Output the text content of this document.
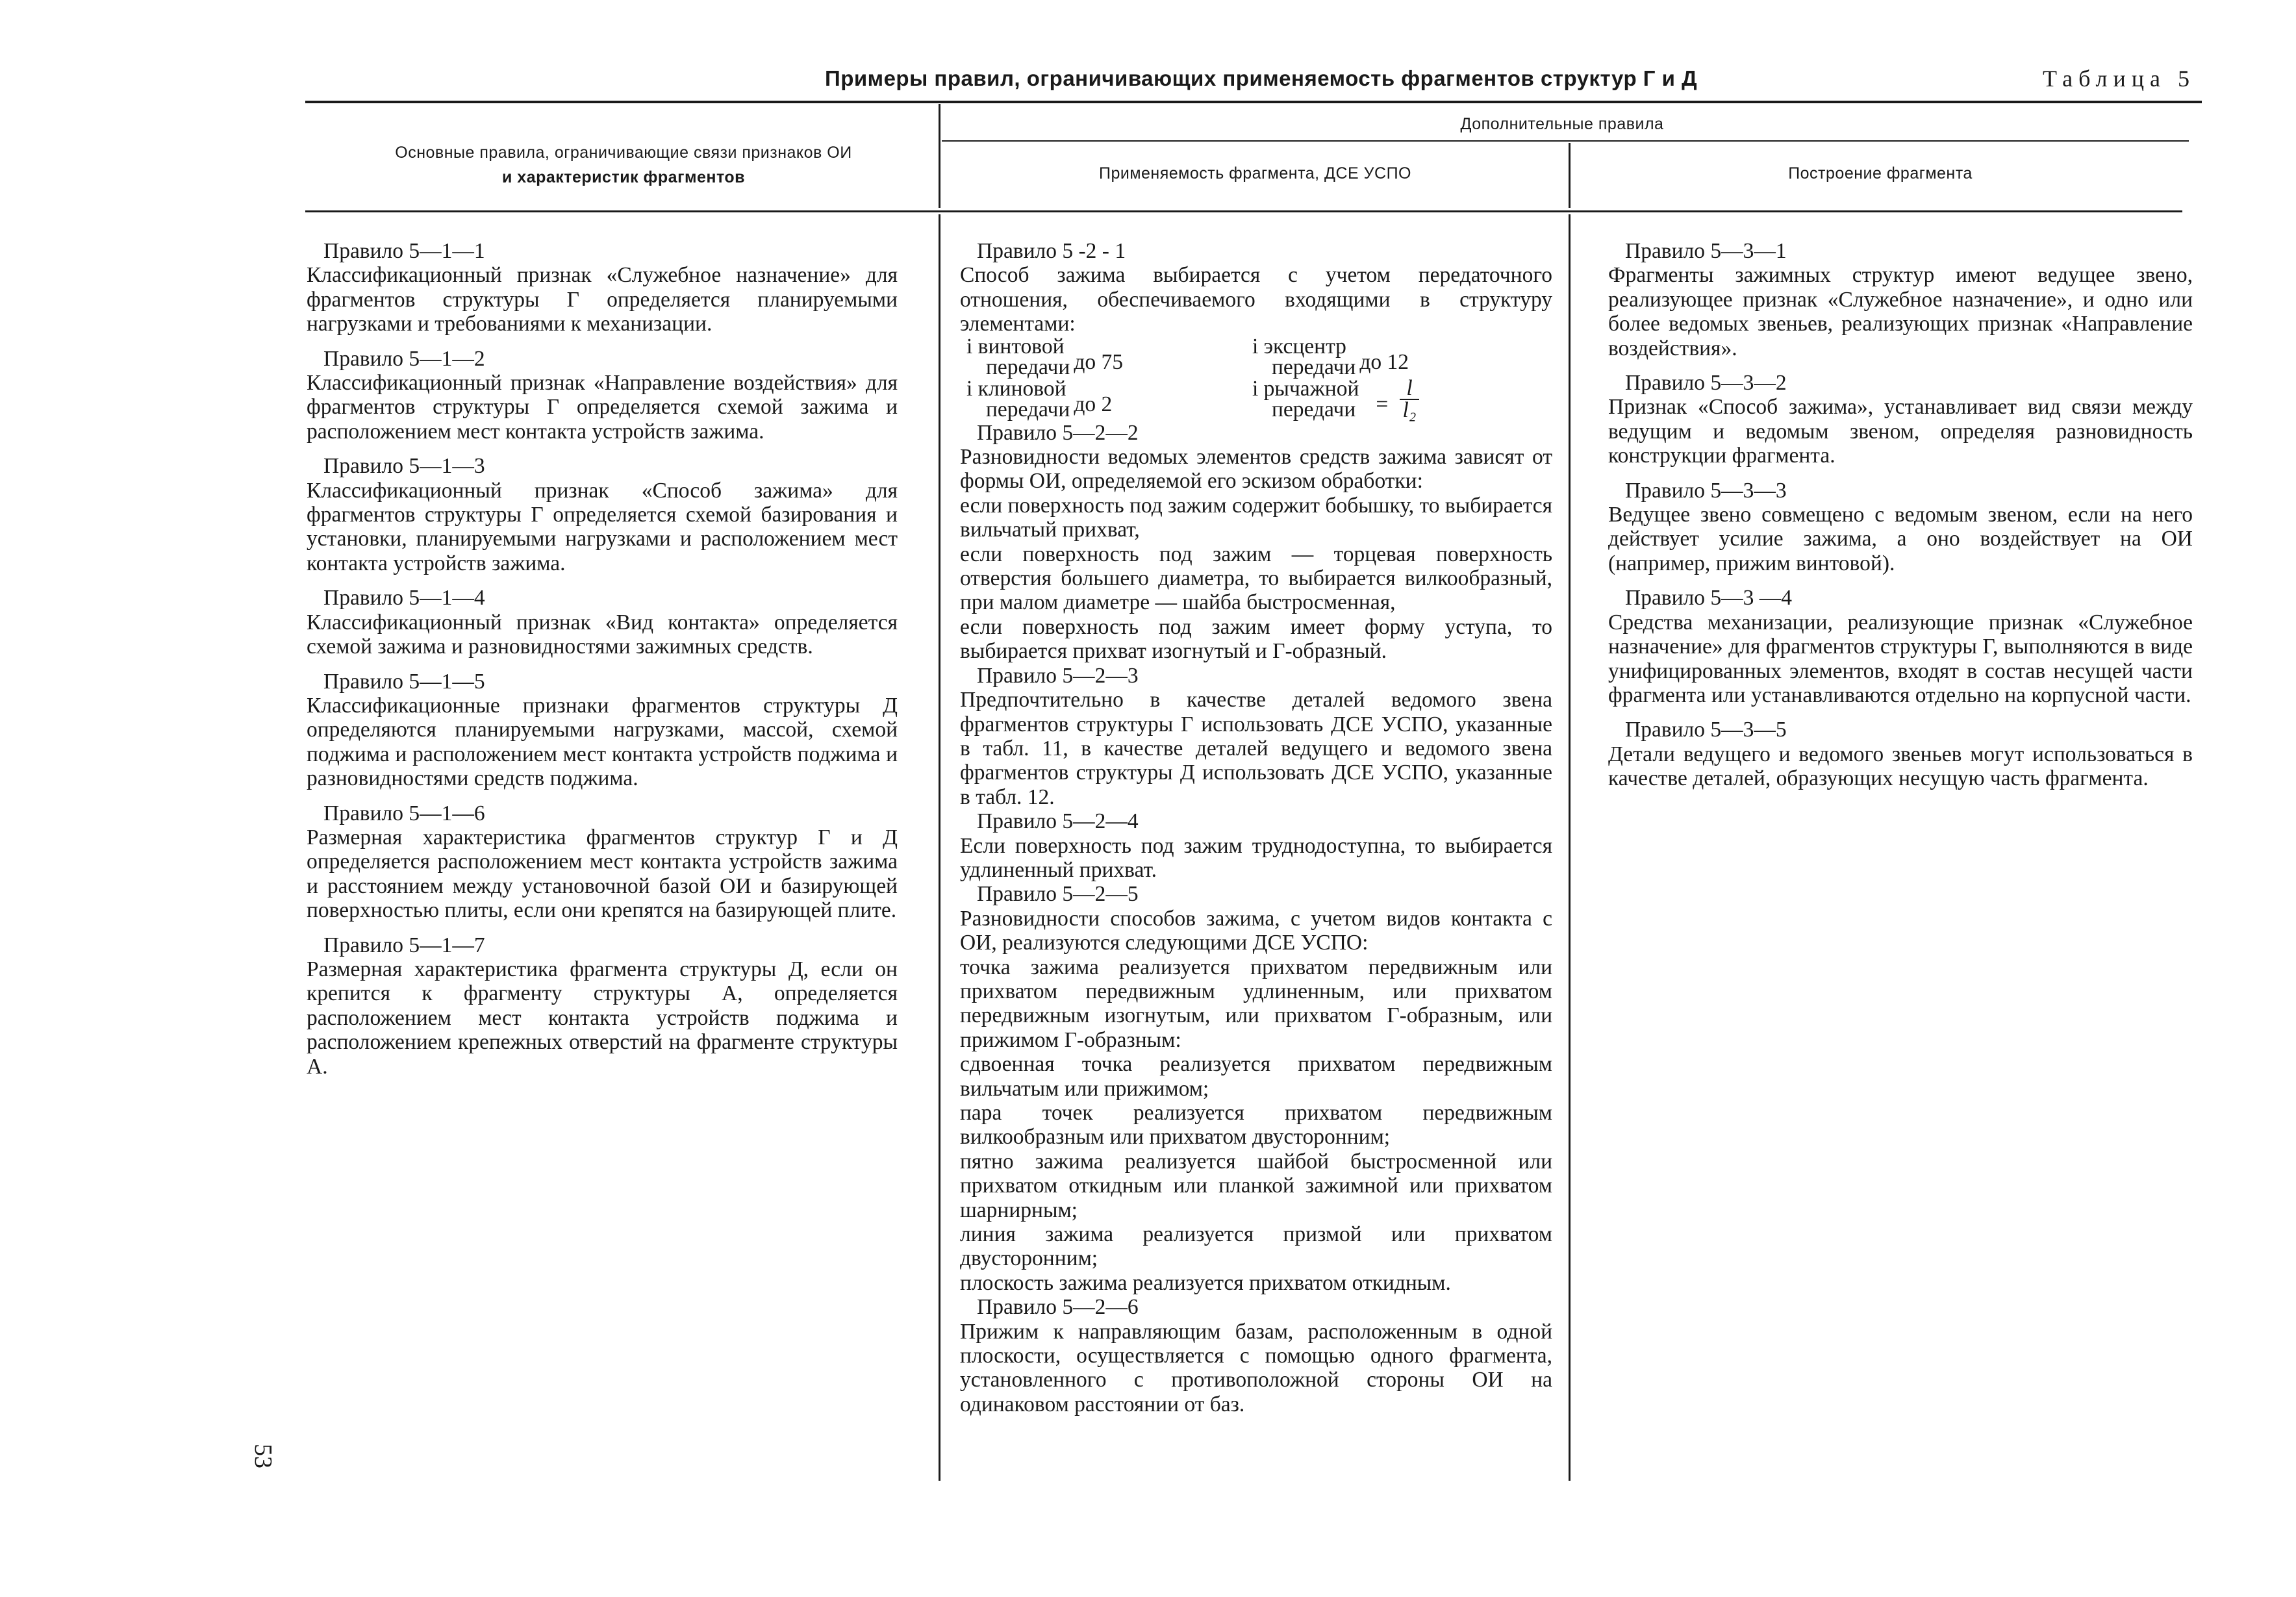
Примеры правил, ограничивающих применяемость фрагментов структур Г и Д	Таблица 5
Основные правила, ограничивающие связи признаков ОИ
и характеристик фрагментов
Дополнительные правила
Применяемость фрагмента, ДСЕ УСПО	Построение фрагмента

Правило 5—1—1

Классификационный признак «Служебное назначение» для фрагментов структуры Г определяется планируемыми нагрузками и требованиями к механизации.

Правило 5—1—2

Классификационный признак «Направление воздействия» для фрагментов структуры Г определяется схемой зажима и расположением мест контакта устройств зажима.

Правило 5—1—3

Классификационный признак «Способ зажима» для фрагментов структуры Г определяется схемой базирования и установки, планируемыми нагрузками и расположением мест контакта устройств зажима.

Правило 5—1—4

Классификационный признак «Вид контакта» определяется схемой зажима и разновидностями зажимных средств.

Правило 5—1—5

Классификационные признаки фрагментов структуры Д определяются планируемыми нагрузками, массой, схемой поджима и расположением мест контакта устройств поджима и разновидностями средств поджима.

Правило 5—1—6

Размерная характеристика фрагментов структур Г и Д определяется расположением мест контакта устройств зажима и расстоянием между установочной базой ОИ и базирующей поверхностью плиты, если они крепятся на базирующей плите.

Правило 5—1—7

Размерная характеристика фрагмента структуры Д, если он крепится к фрагменту структуры А, определяется расположением мест контакта устройств поджима и расположением крепежных отверстий на фрагменте структуры А.

Правило 5 -2 - 1

Способ зажима выбирается с учетом передаточного отношения, обеспечиваемого входящими в структуру элементами:

i винтовой
передачи до 75
i эксцентр
передачи до 12
i клиновой
передачи до 2
i рычажной
передачи = $\frac{l}{\text{l₂}}$

Правило 5—2—2

Разновидности ведомых элементов средств зажима зависят от формы ОИ, определяемой его эскизом обработки:

если поверхность под зажим содержит бобышку, то выбирается вильчатый прихват,

если поверхность под зажим — торцевая поверхность отверстия большего диаметра, то выбирается вилкообразный, при малом диаметре — шайба быстросменная,

если поверхность под зажим имеет форму уступа, то выбирается прихват изогнутый и Г-образный.

Правило 5—2—3

Предпочтительно в качестве деталей ведомого звена фрагментов структуры Г использовать ДСЕ УСПО, указанные в табл. 11, в качестве деталей ведущего и ведомого звена фрагментов структуры Д использовать ДСЕ УСПО, указанные в табл. 12.

Правило 5—2—4

Если поверхность под зажим труднодоступна, то выбирается удлиненный прихват.

Правило 5—2—5

Разновидности способов зажима, с учетом видов контакта с ОИ, реализуются следующими ДСЕ УСПО:

точка зажима реализуется прихватом передвижным или прихватом передвижным удлиненным, или прихватом передвижным изогнутым, или прихватом Г-образным, или прижимом Г-образным:

сдвоенная точка реализуется прихватом передвижным вильчатым или прижимом;

пара точек реализуется прихватом передвижным вилкообразным или прихватом двусторонним;

пятно зажима реализуется шайбой быстросменной или прихватом откидным или планкой зажимной или прихватом шарнирным;

линия зажима реализуется призмой или прихватом двусторонним;

плоскость зажима реализуется прихватом откидным.

Правило 5—2—6

Прижим к направляющим базам, расположенным в одной плоскости, осуществляется с помощью одного фрагмента, установленного с противоположной стороны ОИ на одинаковом расстоянии от баз.

Правило 5—3—1

Фрагменты зажимных структур имеют ведущее звено, реализующее признак «Служебное назначение», и одно или более ведомых звеньев, реализующих признак «Направление воздействия».

Правило 5—3—2

Признак «Способ зажима», устанавливает вид связи между ведущим и ведомым звеном, определяя разновидность конструкции фрагмента.

Правило 5—3—3

Ведущее звено совмещено с ведомым звеном, если на него действует усилие зажима, а оно воздействует на ОИ (например, прижим винтовой).

Правило 5—3 —4

Средства механизации, реализующие признак «Служебное назначение» для фрагментов структуры Г, выполняются в виде унифицированных элементов, входят в состав несущей части фрагмента или устанавливаются отдельно на корпусной части.

Правило 5—3—5

Детали ведущего и ведомого звеньев могут использоваться в качестве деталей, образующих несущую часть фрагмента.

53
